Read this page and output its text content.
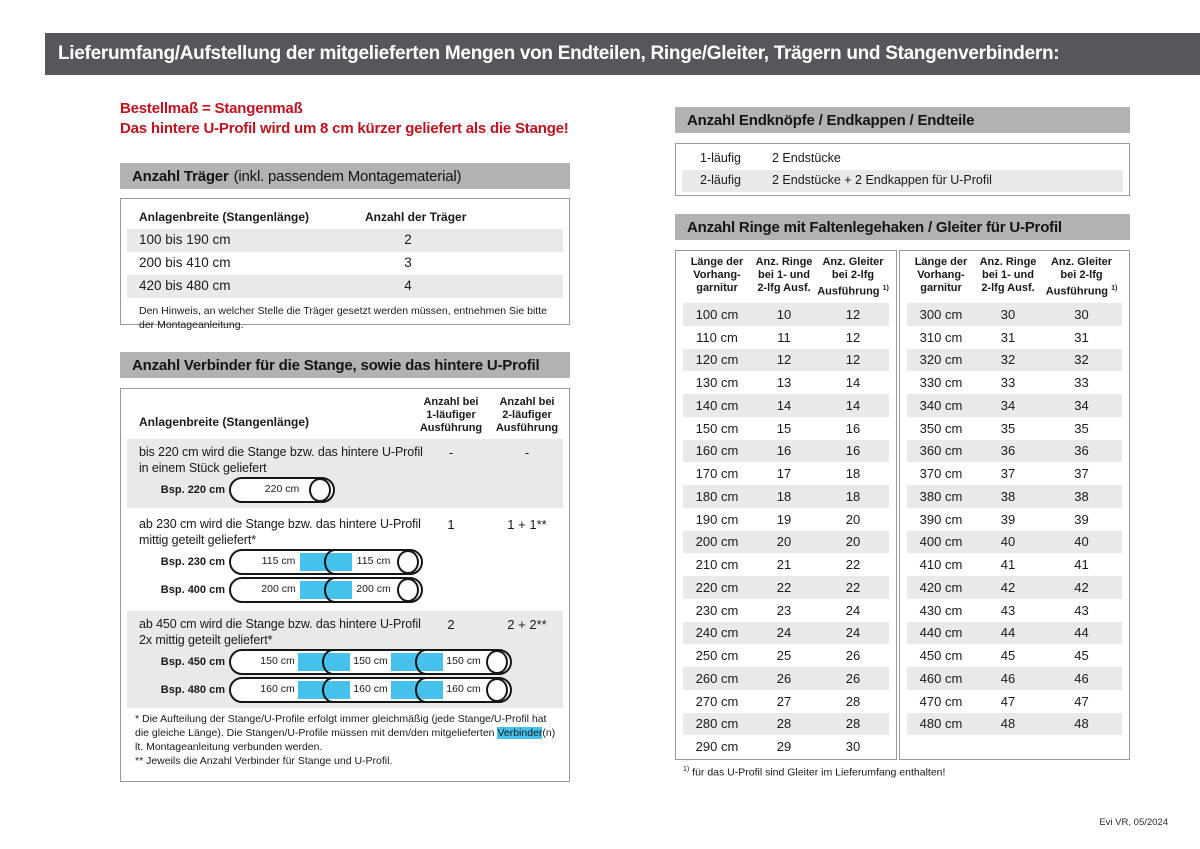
Lieferumfang/Aufstellung der mitgelieferten Mengen von Endteilen, Ringe/Gleiter, Trägern und Stangenverbindern:
Bestellmaß = Stangenmaß
Das hintere U-Profil wird um 8 cm kürzer geliefert als die Stange!
Anzahl Träger (inkl. passendem Montagematerial)
Anlagenbreite (Stangenlänge)	Anzahl der Träger
100 bis 190 cm	2
200 bis 410 cm	3
420 bis 480 cm	4
Den Hinweis, an welcher Stelle die Träger gesetzt werden müssen, entnehmen Sie bitte
der Montageanleitung.
Anzahl Verbinder für die Stange, sowie das hintere U-Profil
Anlagenbreite (Stangenlänge)
Anzahl bei
1-läufiger
Ausführung
Anzahl bei
2-läufiger
Ausführung
bis 220 cm wird die Stange bzw. das hintere U-Profil
in einem Stück geliefert
-	-
Bsp. 220 cm	220 cm
ab 230 cm wird die Stange bzw. das hintere U-Profil
mittig geteilt geliefert*
1	1 + 1**
Bsp. 230 cm	115 cm	115 cm
Bsp. 400 cm	200 cm	200 cm
ab 450 cm wird die Stange bzw. das hintere U-Profil
2x mittig geteilt geliefert*
2	2 + 2**
Bsp. 450 cm	150 cm	150 cm	150 cm
Bsp. 480 cm	160 cm	160 cm	160 cm
* Die Aufteilung der Stange/U-Profile erfolgt immer gleichmäßig (jede Stange/U-Profil hat die gleiche Länge). Die Stangen/U-Profile müssen mit dem/den mitgelieferten Verbinder(n) lt. Montageanleitung verbunden werden.
** Jeweils die Anzahl Verbinder für Stange und U-Profil.
Anzahl Endknöpfe / Endkappen / Endteile
1-läufig 2 Endstücke
2-läufig 2 Endstücke + 2 Endkappen für U-Profil
Anzahl Ringe mit Faltenlegehaken / Gleiter für U-Profil
Länge der
Vorhang-
garnitur
Anz. Ringe
bei 1- und
2-lfg Ausf.
Anz. Gleiter
bei 2-lfg
Ausführung $^{1)}$
100 cm	10	12
110 cm	11	12
120 cm	12	12
130 cm	13	14
140 cm	14	14
150 cm	15	16
160 cm	16	16
170 cm	17	18
180 cm	18	18
190 cm	19	20
200 cm	20	20
210 cm	21	22
220 cm	22	22
230 cm	23	24
240 cm	24	24
250 cm	25	26
260 cm	26	26
270 cm	27	28
280 cm	28	28
290 cm	29	30
Länge der
Vorhang-
garnitur
Anz. Ringe
bei 1- und
2-lfg Ausf.
Anz. Gleiter
bei 2-lfg
Ausführung $^{1)}$
300 cm	30	30
310 cm	31	31
320 cm	32	32
330 cm	33	33
340 cm	34	34
350 cm	35	35
360 cm	36	36
370 cm	37	37
380 cm	38	38
390 cm	39	39
400 cm	40	40
410 cm	41	41
420 cm	42	42
430 cm	43	43
440 cm	44	44
450 cm	45	45
460 cm	46	46
470 cm	47	47
480 cm	48	48
$^{1)}$ für das U-Profil sind Gleiter im Lieferumfang enthalten!
Evi VR, 05/2024
